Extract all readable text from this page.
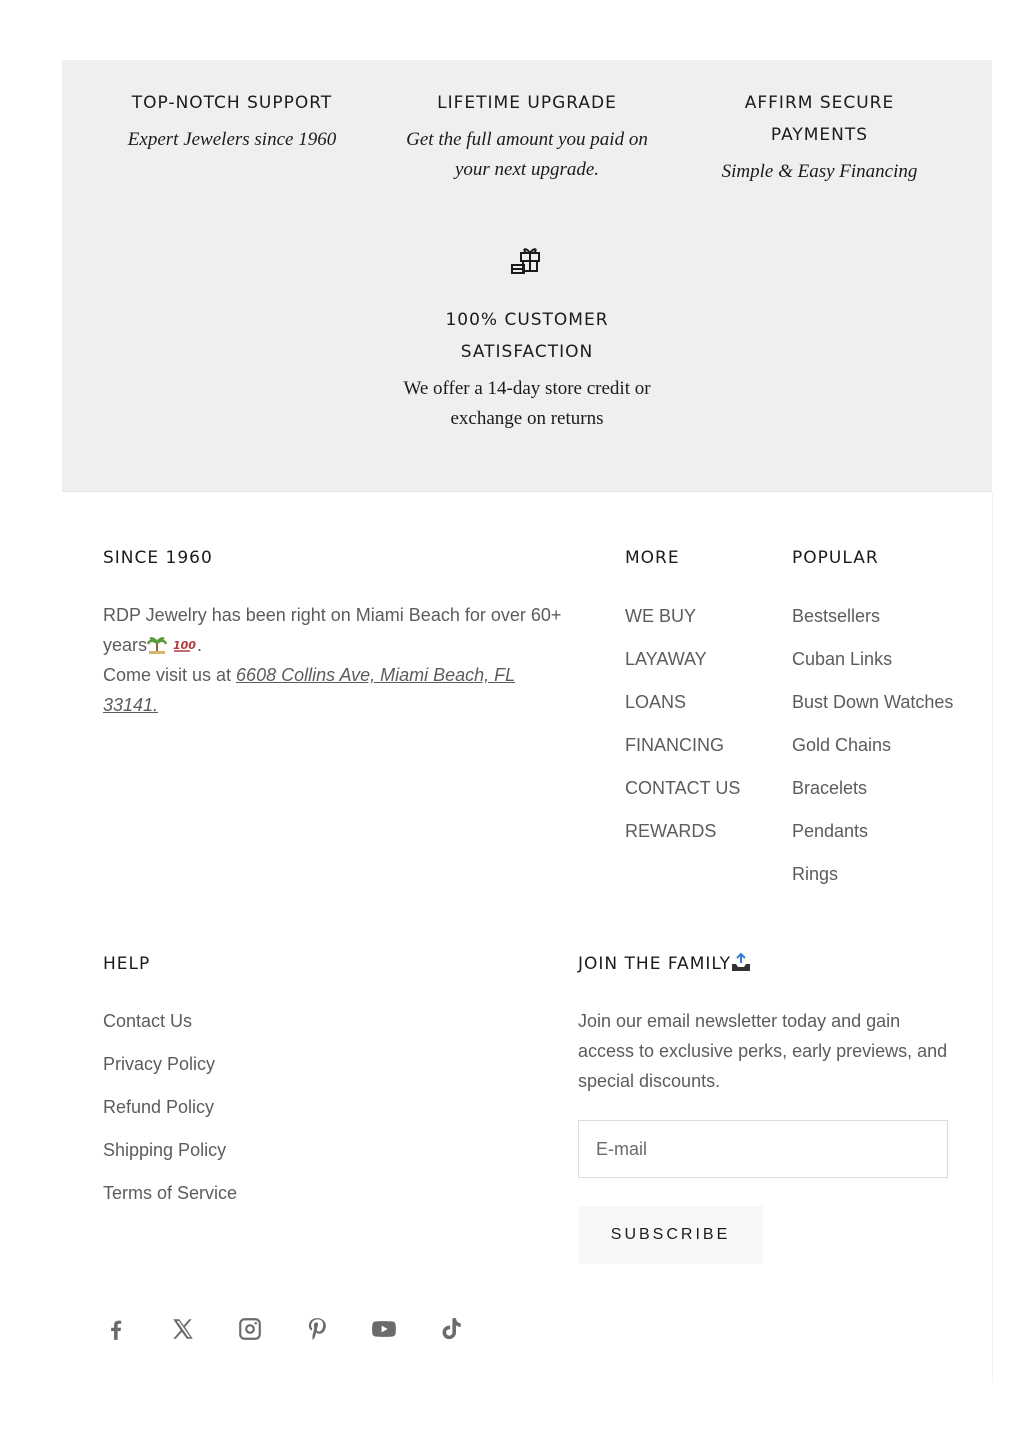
TOP-NOTCH SUPPORT
Expert Jewelers since 1960
LIFETIME UPGRADE
Get the full amount you paid on your next upgrade.
AFFIRM SECURE PAYMENTS
Simple & Easy Financing
100% CUSTOMER SATISFACTION
We offer a 14-day store credit or exchange on returns
SINCE 1960
RDP Jewelry has been right on Miami Beach for over 60+ years 100
.
Come visit us at 6608 Collins Ave, Miami Beach, FL 33141.
MORE
WE BUY
LAYAWAY
LOANS
FINANCING
CONTACT US
REWARDS
POPULAR
Bestsellers
Cuban Links
Bust Down Watches
Gold Chains
Bracelets
Pendants
Rings
HELP
Contact Us
Privacy Policy
Refund Policy
Shipping Policy
Terms of Service
JOIN THE FAMILY
Join our email newsletter today and gain access to exclusive perks, early previews, and special discounts.
E-mail
SUBSCRIBE
